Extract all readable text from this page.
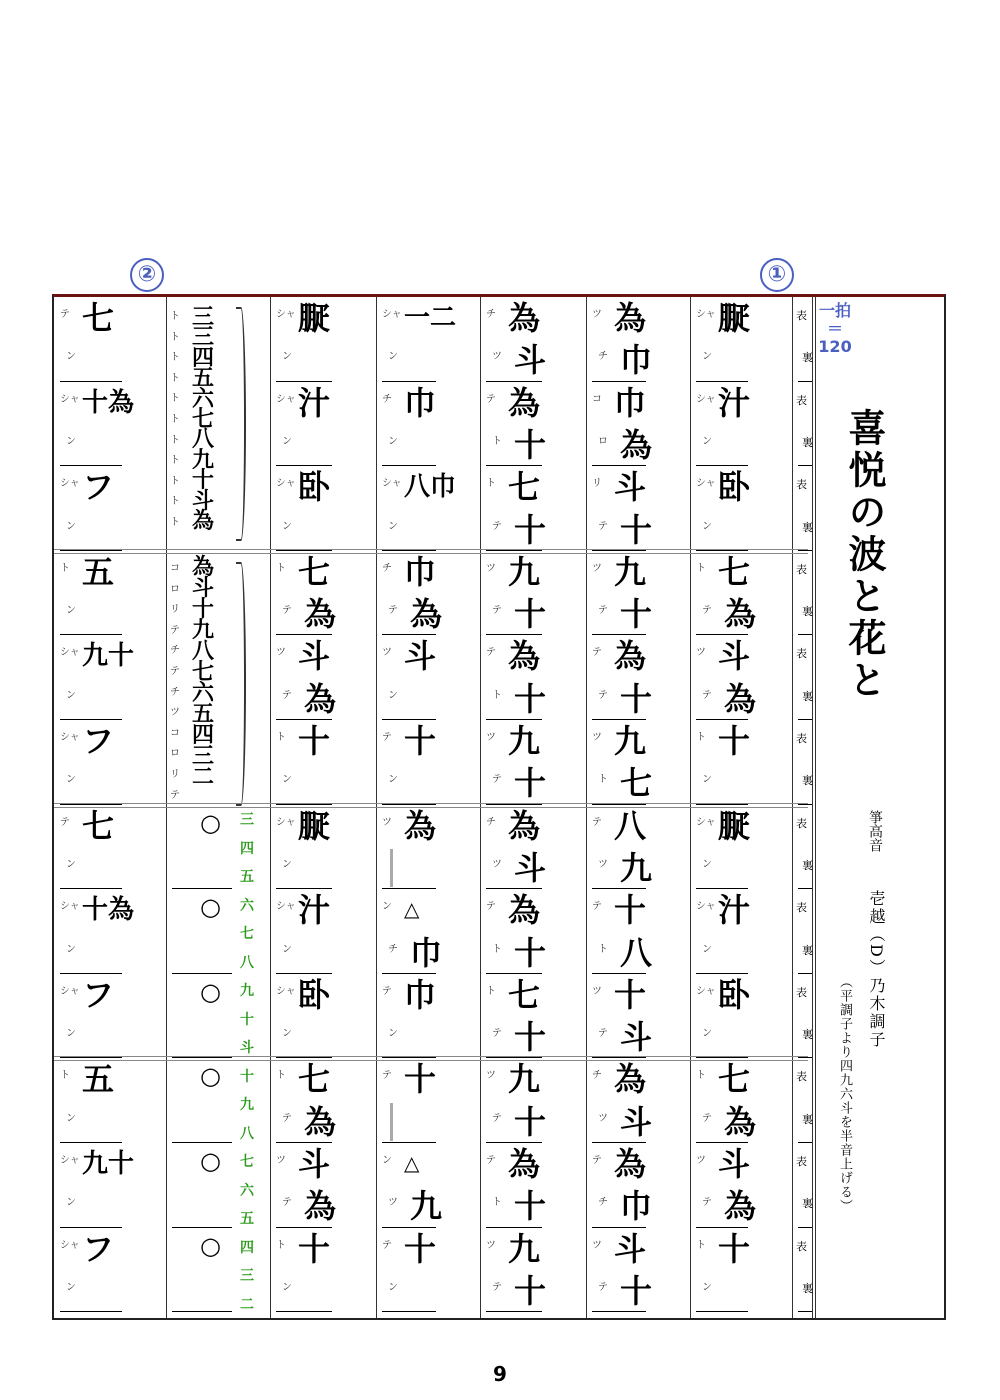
②	①
テ 七
ン
シャ 十為
ン
シャ フ
ン
ト 五
ン
シャ 九十
ン
シャ フ
ン
テ 七
ン
シャ 十為
ン
シャ フ
ン
ト 五
ン
シャ 九十
ン
シャ フ
ン
三
三
四
五
六
七
八
九
十
斗
為
ト
ト
ト
ト
ト
ト
ト
ト
ト
ト
ト
為
斗
十
九
八
七
六
五
四
三
二
コ
ロ
リ
テ
チ
テ
チ
ツ
コ
ロ
リ
テ
○
○
○
○
○
○
三
四
五
六
七
八
九
十
斗
十
九
八
七
六
五
四
三
二
シャ 㽰
ン
シャ 汁
ン
シャ 卧
ン
ト 七
テ 為
ツ 斗
テ 為
ト 十
ン
シャ 㽰
ン
シャ 汁
ン
シャ 卧
ン
ト 七
テ 為
ツ 斗
テ 為
ト 十
ン
シャ 一二
ン
チ 巾
ン
シャ 八巾
ン
チ 巾
テ 為
ツ 斗
ン
テ 十
ン
ツ 為
ン △
チ 巾
テ 巾
ン
テ 十
ン △
ツ 九
テ 十
ン
チ 為
ツ 斗
テ 為
ト 十
ト 七
テ 十
ツ 九
テ 十
テ 為
ト 十
ツ 九
テ 十
チ 為
ツ 斗
テ 為
ト 十
ト 七
テ 十
ツ 九
テ 十
テ 為
ト 十
ツ 九
テ 十
ツ 為
チ 巾
コ 巾
ロ 為
リ 斗
テ 十
ツ 九
テ 十
テ 為
テ 十
ツ 九
ト 七
テ 八
ツ 九
テ 十
ト 八
ツ 十
テ 斗
チ 為
ツ 斗
テ 為
チ 巾
ツ 斗
テ 十
シャ 㽰
ン
シャ 汁
ン
シャ 卧
ン
ト 七
テ 為
ツ 斗
テ 為
ト 十
ン
シャ 㽰
ン
シャ 汁
ン
シャ 卧
ン
ト 七
テ 為
ツ 斗
テ 為
ト 十
ン
表
裏
表
裏
表
裏
表
裏
表
裏
表
裏
表
裏
表
裏
表
裏
表
裏
表
裏
表
裏
一拍＝120
喜悦の波と花と
箏高音
壱越（D）乃木調子
（平調子より四九六斗を半音上げる）
9
